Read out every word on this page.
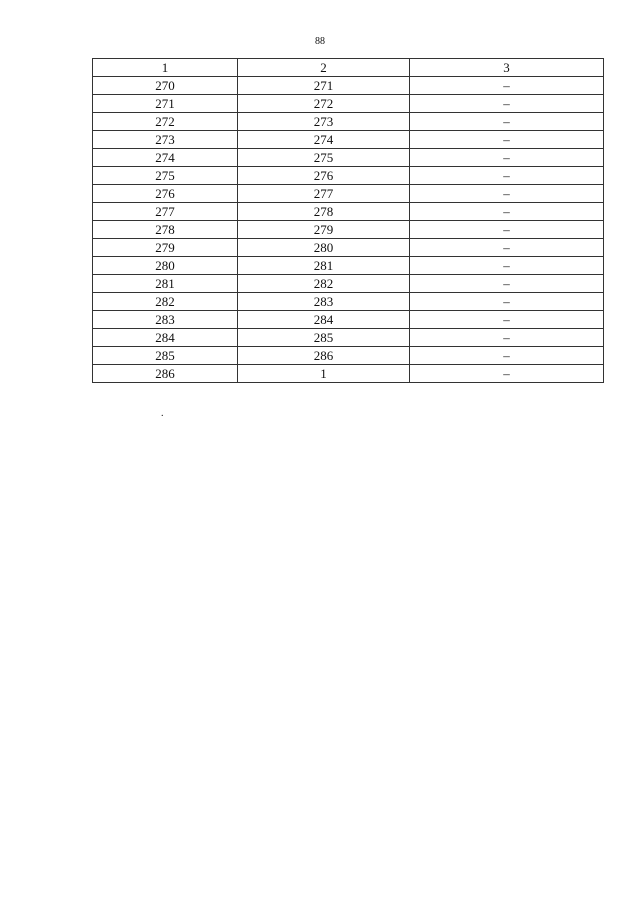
88
1	2	3
270	271	–
271	272	–
272	273	–
273	274	–
274	275	–
275	276	–
276	277	–
277	278	–
278	279	–
279	280	–
280	281	–
281	282	–
282	283	–
283	284	–
284	285	–
285	286	–
286	1	–
.
